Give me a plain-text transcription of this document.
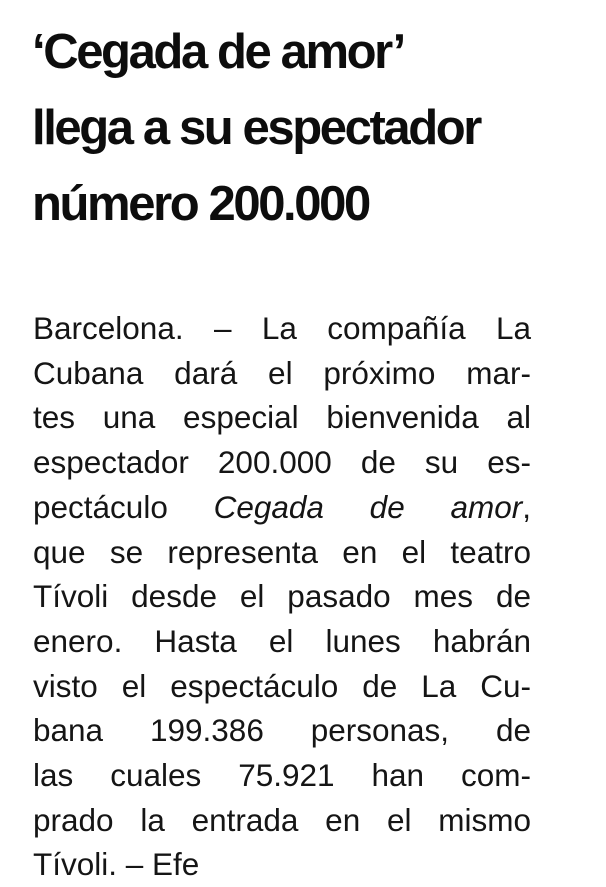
‘Cegada de amor’
llega a su espectador
número 200.000

Barcelona. – La compañía La
Cubana dará el próximo mar-
tes una especial bienvenida al
espectador 200.000 de su es-
pectáculo Cegada de amor,
que se representa en el teatro
Tívoli desde el pasado mes de
enero. Hasta el lunes habrán
visto el espectáculo de La Cu-
bana 199.386 personas, de
las cuales 75.921 han com-
prado la entrada en el mismo
Tívoli. – Efe
